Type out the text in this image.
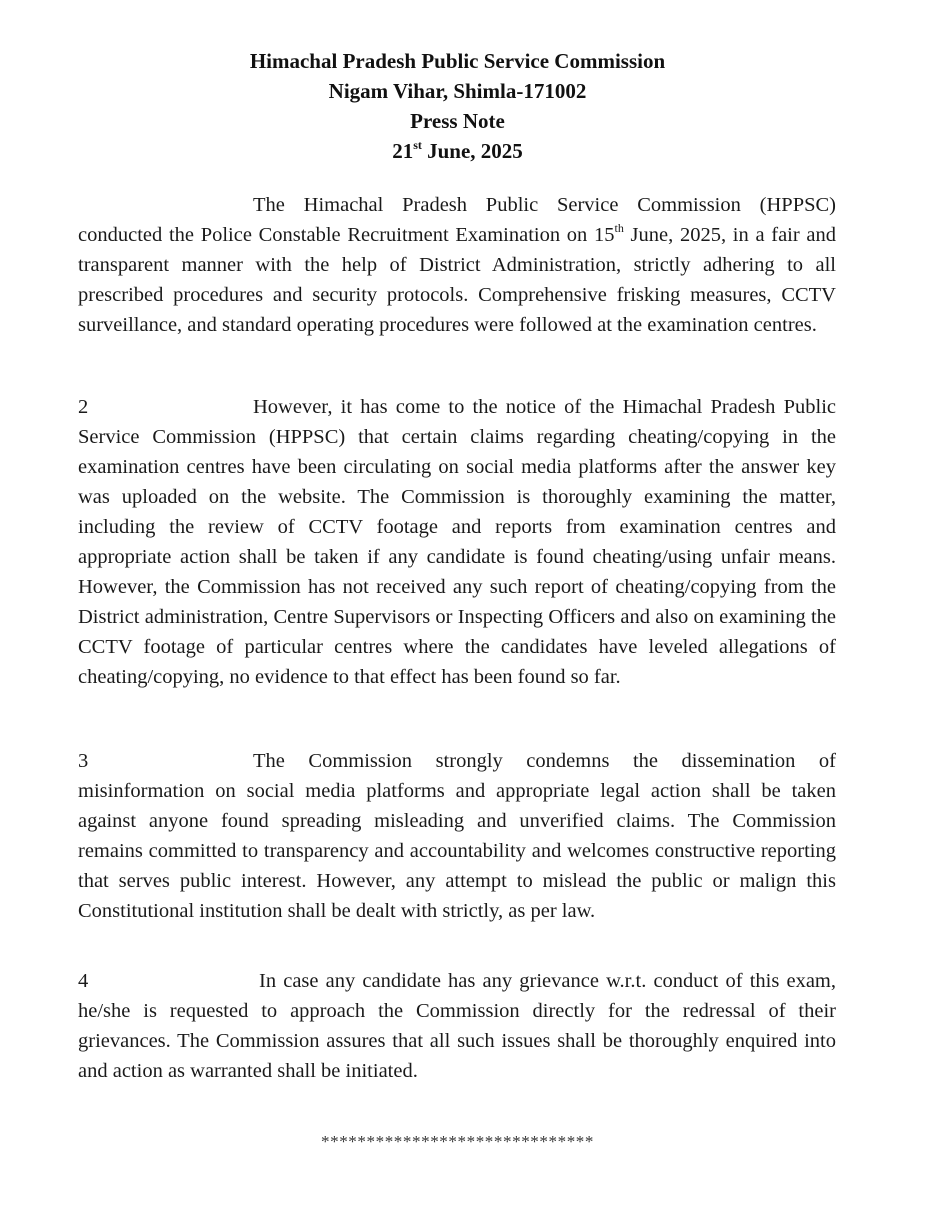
Himachal Pradesh Public Service Commission
Nigam Vihar, Shimla-171002
Press Note
21st June, 2025
The Himachal Pradesh Public Service Commission (HPPSC) conducted the Police Constable Recruitment Examination on 15th June, 2025, in a fair and transparent manner with the help of District Administration, strictly adhering to all prescribed procedures and security protocols. Comprehensive frisking measures, CCTV surveillance, and standard operating procedures were followed at the examination centres.
2	However, it has come to the notice of the Himachal Pradesh Public Service Commission (HPPSC) that certain claims regarding cheating/copying in the examination centres have been circulating on social media platforms after the answer key was uploaded on the website. The Commission is thoroughly examining the matter, including the review of CCTV footage and reports from examination centres and appropriate action shall be taken if any candidate is found cheating/using unfair means. However, the Commission has not received any such report of cheating/copying from the District administration, Centre Supervisors or Inspecting Officers and also on examining the CCTV footage of particular centres where the candidates have leveled allegations of cheating/copying, no evidence to that effect has been found so far.
3	The Commission strongly condemns the dissemination of misinformation on social media platforms and appropriate legal action shall be taken against anyone found spreading misleading and unverified claims. The Commission remains committed to transparency and accountability and welcomes constructive reporting that serves public interest. However, any attempt to mislead the public or malign this Constitutional institution shall be dealt with strictly, as per law.
4	In case any candidate has any grievance w.r.t. conduct of this exam, he/she is requested to approach the Commission directly for the redressal of their grievances. The Commission assures that all such issues shall be thoroughly enquired into and action as warranted shall be initiated.
******************************
